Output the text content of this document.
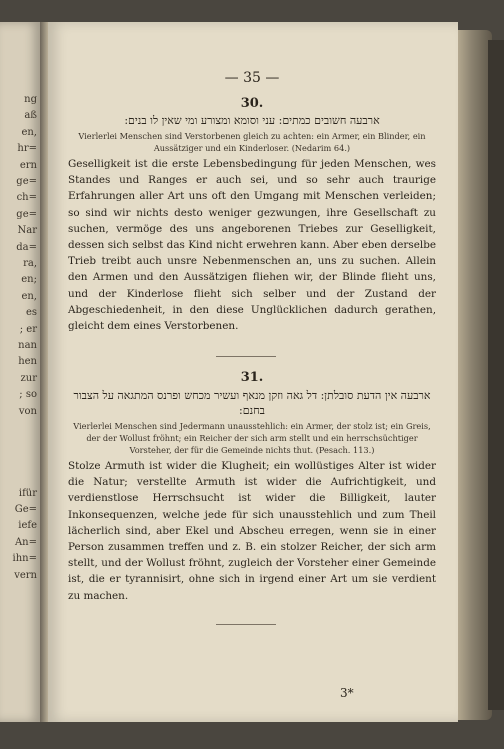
ng
aß
en,
hr=
ern
ge=
ch=
ge=
Nar
da=
ra,
en;
en,
es
; er
nan
hen
zur
; so
von
ifür
Ge=
iefe
An=
ihn=
vern
— 35 —
30.
ארבעה חשובים כמתים: עני וסומא ומצורע ומי שאין לו בנים:
Vierlerlei Menschen sind Verstorbenen gleich zu achten: ein Armer, ein Blinder, ein Aussätziger und ein Kinderloser. (Nedarim 64.)
Geselligkeit ist die erste Lebensbedingung für jeden Menschen, wes Standes und Ranges er auch sei, und so sehr auch traurige Erfahrungen aller Art uns oft den Umgang mit Menschen verleiden; so sind wir nichts desto weniger gezwungen, ihre Gesellschaft zu suchen, vermöge des uns angeborenen Triebes zur Geselligkeit, dessen sich selbst das Kind nicht erwehren kann. Aber eben derselbe Trieb treibt auch unsre Nebenmenschen an, uns zu suchen. Allein den Armen und den Aussätzigen fliehen wir, der Blinde flieht uns, und der Kinderlose flieht sich selber und der Zustand der Abgeschiedenheit, in den diese Unglücklichen dadurch gerathen, gleicht dem eines Verstorbenen.
31.
ארבעה אין הדעת סובלתן: דל גאה וזקן מנאף ועשיר מכחש ופרנס המתגאה על הצבור בחנם:
Vierlerlei Menschen sind Jedermann unausstehlich: ein Armer, der stolz ist; ein Greis, der der Wollust fröhnt; ein Reicher der sich arm stellt und ein herrschsüchtiger Vorsteher, der für die Gemeinde nichts thut. (Pesach. 113.)
Stolze Armuth ist wider die Klugheit; ein wollüstiges Alter ist wider die Natur; verstellte Armuth ist wider die Aufrichtigkeit, und verdienstlose Herrschsucht ist wider die Billigkeit, lauter Inkonsequenzen, welche jede für sich unausstehlich und zum Theil lächerlich sind, aber Ekel und Abscheu erregen, wenn sie in einer Person zusammen treffen und z. B. ein stolzer Reicher, der sich arm stellt, und der Wollust fröhnt, zugleich der Vorsteher einer Gemeinde ist, die er tyrannisirt, ohne sich in irgend einer Art um sie verdient zu machen.
3*
